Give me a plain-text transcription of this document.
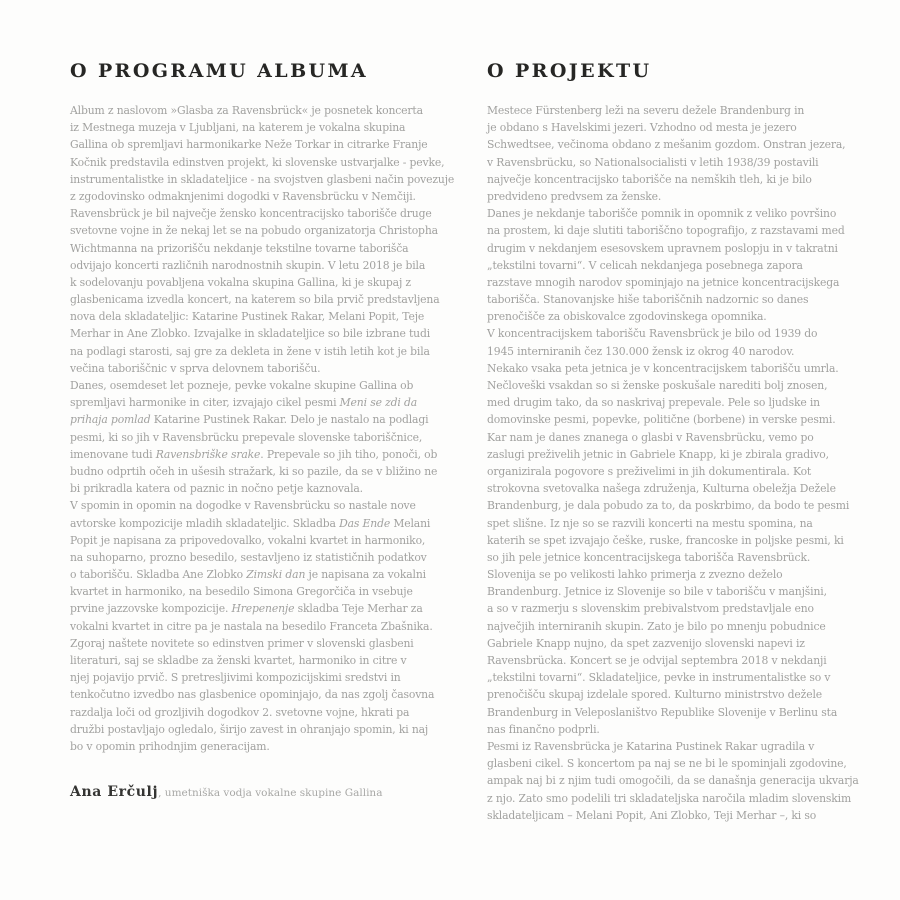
O PROGRAMU ALBUMA
Album z naslovom »Glasba za Ravensbrück« je posnetek koncerta
iz Mestnega muzeja v Ljubljani, na katerem je vokalna skupina
Gallina ob spremljavi harmonikarke Neže Torkar in citrarke Franje
Kočnik predstavila edinstven projekt, ki slovenske ustvarjalke - pevke,
instrumentalistke in skladateljice - na svojstven glasbeni način povezuje
z zgodovinsko odmaknjenimi dogodki v Ravensbrücku v Nemčiji.
Ravensbrück je bil največje žensko koncentracijsko taborišče druge
svetovne vojne in že nekaj let se na pobudo organizatorja Christopha
Wichtmanna na prizorišču nekdanje tekstilne tovarne taborišča
odvijajo koncerti različnih narodnostnih skupin. V letu 2018 je bila
k sodelovanju povabljena vokalna skupina Gallina, ki je skupaj z
glasbenicama izvedla koncert, na katerem so bila prvič predstavljena
nova dela skladateljic: Katarine Pustinek Rakar, Melani Popit, Teje
Merhar in Ane Zlobko. Izvajalke in skladateljice so bile izbrane tudi
na podlagi starosti, saj gre za dekleta in žene v istih letih kot je bila
večina taboriščnic v sprva delovnem taborišču.
Danes, osemdeset let pozneje, pevke vokalne skupine Gallina ob
spremljavi harmonike in citer, izvajajo cikel pesmi Meni se zdi da
prihaja pomlad Katarine Pustinek Rakar. Delo je nastalo na podlagi
pesmi, ki so jih v Ravensbrücku prepevale slovenske taboriščnice,
imenovane tudi Ravensbriške srake. Prepevale so jih tiho, ponoči, ob
budno odprtih očeh in ušesih stražark, ki so pazile, da se v bližino ne
bi prikradla katera od paznic in nočno petje kaznovala.
V spomin in opomin na dogodke v Ravensbrücku so nastale nove
avtorske kompozicije mladih skladateljic. Skladba Das Ende Melani
Popit je napisana za pripovedovalko, vokalni kvartet in harmoniko,
na suhoparno, prozno besedilo, sestavljeno iz statističnih podatkov
o taborišču. Skladba Ane Zlobko Zimski dan je napisana za vokalni
kvartet in harmoniko, na besedilo Simona Gregorčiča in vsebuje
prvine jazzovske kompozicije. Hrepenenje skladba Teje Merhar za
vokalni kvartet in citre pa je nastala na besedilo Franceta Zbašnika.
Zgoraj naštete novitete so edinstven primer v slovenski glasbeni
literaturi, saj se skladbe za ženski kvartet, harmoniko in citre v
njej pojavijo prvič. S pretresljivimi kompozicijskimi sredstvi in
tenkočutno izvedbo nas glasbenice opominjajo, da nas zgolj časovna
razdalja loči od grozljivih dogodkov 2. svetovne vojne, hkrati pa
družbi postavljajo ogledalo, širijo zavest in ohranjajo spomin, ki naj
bo v opomin prihodnjim generacijam.
Ana Erčulj, umetniška vodja vokalne skupine Gallina
O PROJEKTU
Mestece Fürstenberg leži na severu dežele Brandenburg in
je obdano s Havelskimi jezeri. Vzhodno od mesta je jezero
Schwedtsee, večinoma obdano z mešanim gozdom. Onstran jezera,
v Ravensbrücku, so Nationalsocialisti v letih 1938/39 postavili
največje koncentracijsko taborišče na nemških tleh, ki je bilo
predvideno predvsem za ženske.
Danes je nekdanje taborišče pomnik in opomnik z veliko površino
na prostem, ki daje slutiti taboriščno topografijo, z razstavami med
drugim v nekdanjem esesovskem upravnem poslopju in v takratni
„tekstilni tovarni“. V celicah nekdanjega posebnega zapora
razstave mnogih narodov spominjajo na jetnice koncentracijskega
taborišča. Stanovanjske hiše taboriščnih nadzornic so danes
prenočišče za obiskovalce zgodovinskega opomnika.
V koncentracijskem taborišču Ravensbrück je bilo od 1939 do
1945 interniranih čez 130.000 žensk iz okrog 40 narodov.
Nekako vsaka peta jetnica je v koncentracijskem taborišču umrla.
Nečloveški vsakdan so si ženske poskušale narediti bolj znosen,
med drugim tako, da so naskrivaj prepevale. Pele so ljudske in
domovinske pesmi, popevke, politične (borbene) in verske pesmi.
Kar nam je danes znanega o glasbi v Ravensbrücku, vemo po
zaslugi preživelih jetnic in Gabriele Knapp, ki je zbirala gradivo,
organizirala pogovore s preživelimi in jih dokumentirala. Kot
strokovna svetovalka našega združenja, Kulturna obeležja Dežele
Brandenburg, je dala pobudo za to, da poskrbimo, da bodo te pesmi
spet slišne. Iz nje so se razvili koncerti na mestu spomina, na
katerih se spet izvajajo češke, ruske, francoske in poljske pesmi, ki
so jih pele jetnice koncentracijskega taborišča Ravensbrück.
Slovenija se po velikosti lahko primerja z zvezno deželo
Brandenburg. Jetnice iz Slovenije so bile v taborišču v manjšini,
a so v razmerju s slovenskim prebivalstvom predstavljale eno
največjih interniranih skupin. Zato je bilo po mnenju pobudnice
Gabriele Knapp nujno, da spet zazvenijo slovenski napevi iz
Ravensbrücka. Koncert se je odvijal septembra 2018 v nekdanji
„tekstilni tovarni“. Skladateljice, pevke in instrumentalistke so v
prenočišču skupaj izdelale spored. Kulturno ministrstvo dežele
Brandenburg in Veleposlaništvo Republike Slovenije v Berlinu sta
nas finančno podprli.
Pesmi iz Ravensbrücka je Katarina Pustinek Rakar ugradila v
glasbeni cikel. S koncertom pa naj se ne bi le spominjali zgodovine,
ampak naj bi z njim tudi omogočili, da se današnja generacija ukvarja
z njo. Zato smo podelili tri skladateljska naročila mladim slovenskim
skladateljicam – Melani Popit, Ani Zlobko, Teji Merhar –, ki so
